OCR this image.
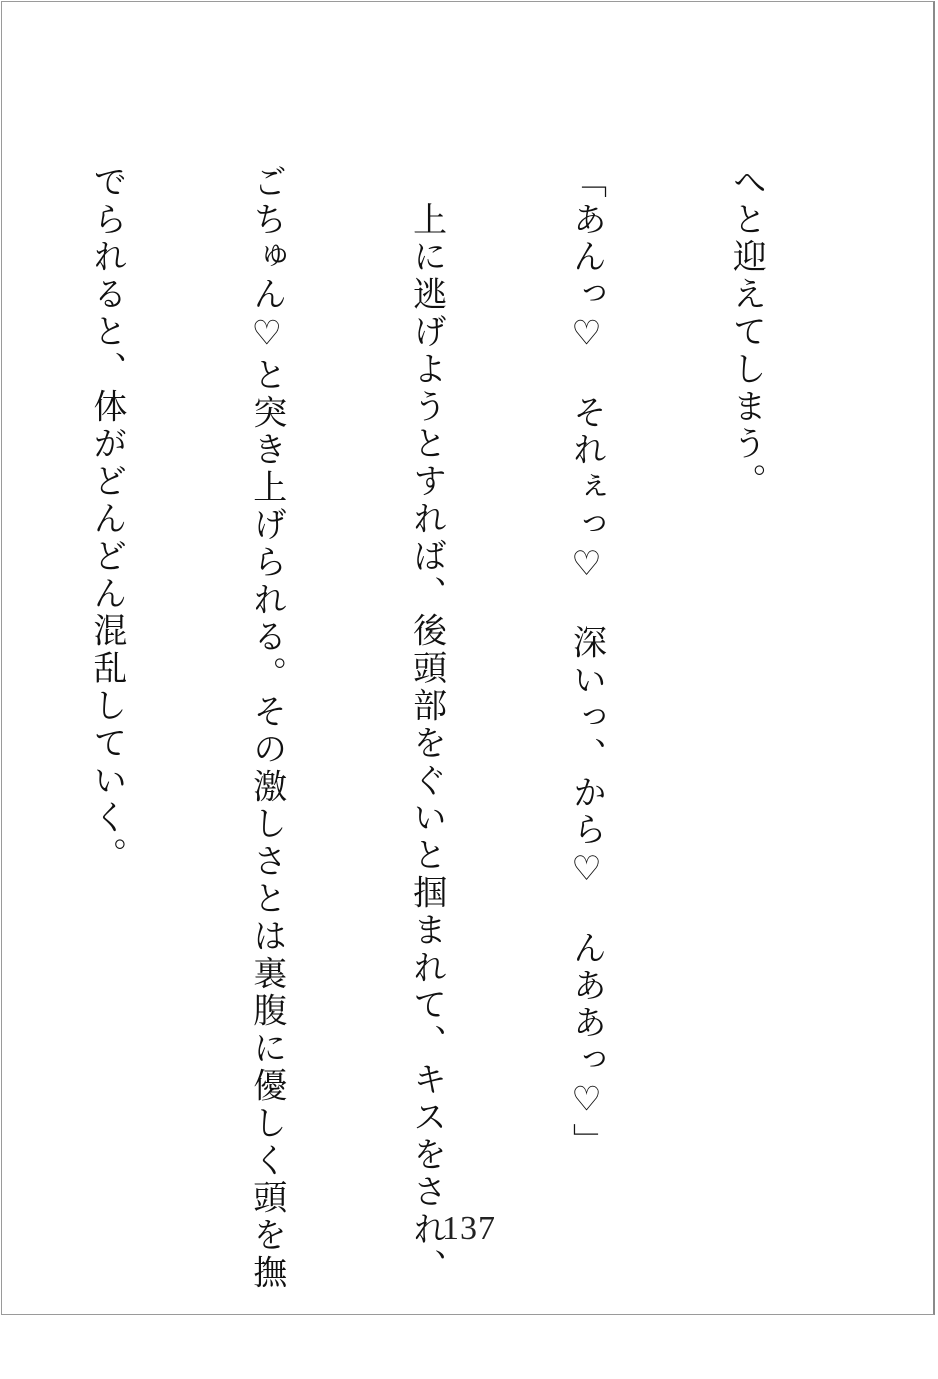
へと迎えてしまう。

「あんっ♡　それぇっ♡　深いっ、から♡　んああっ♡」

　上に逃げようとすれば、後頭部をぐいと掴まれて、キスをされ、

ごちゅん♡と突き上げられる。その激しさとは裏腹に優しく頭を撫

でられると、体がどんどん混乱していく。

137
